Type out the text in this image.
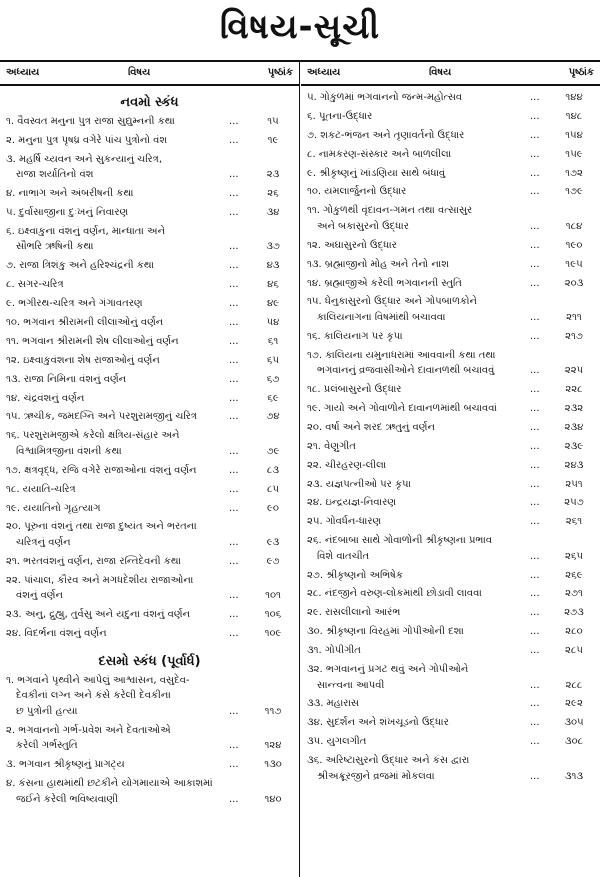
વિષય-સૂચી
અધ્યાય	વિષય	પૃષ્ઠાંક
નવમો સ્કંધ
૧. વૈવસ્વત મનુના પુત્ર રાજા સુદ્યુમ્નની કથા	...	૧૫
૨. મનુના પુત્ર પૃષધ્ર વગેરે પાંચ પુત્રોનો વંશ	...	૧૯
૩. મહર્ષિ ચ્યવન અને સુકન્યાનું ચરિત્ર,
રાજા શર્યાતિનો વંશ	...	૨૩
૪. નાભાગ અને અંબરીષની કથા	...	૨૬
૫. દુર્વાસાજીના દુઃખનું નિવારણ	...	૩૪
૬. ઇક્ષ્વાકુના વંશનું વર્ણન, માન્ધાતા અને
સૌભરિ ઋષિની કથા	...	૩૭
૭. રાજા ત્રિશંકુ અને હરિશ્ચંદ્રની કથા	...	૪૩
૮. સગર-ચરિત્ર	...	૪૬
૯. ભગીરથ-ચરિત્ર અને ગંગાવતરણ	...	૪૯
૧૦. ભગવાન શ્રીરામની લીલાઓનું વર્ણન	...	૫૪
૧૧. ભગવાન શ્રીરામની શેષ લીલાઓનું વર્ણન	...	૬૧
૧૨. ઇક્ષ્વાકુવંશના શેષ રાજાઓનું વર્ણન	...	૬૫
૧૩. રાજા નિમિના વંશનું વર્ણન	...	૬૭
૧૪. ચંદ્રવંશનું વર્ણન	...	૬૯
૧૫. ઋચીક, જમદગ્નિ અને પરશુરામજીનું ચરિત્ર	...	૭૪
૧૬. પરશુરામજીએ કરેલો ક્ષત્રિય-સંહાર અને
વિશ્વામિત્રજીના વંશની કથા	...	૭૯
૧૭. ક્ષત્રવૃદ્ધ, રજિ વગેરે રાજાઓના વંશનું વર્ણન	...	૮૩
૧૮. યયાતિ-ચરિત્ર	...	૮૫
૧૯. યયાતિનો ગૃહત્યાગ	...	૯૦
૨૦. પૂરુના વંશનું તથા રાજા દુષ્યંત અને ભરતના
ચરિત્રનું વર્ણન	...	૯૩
૨૧. ભરતવંશનું વર્ણન, રાજા રન્તિદેવની કથા	...	૯૭
૨૨. પાંચાલ, કૌરવ અને મગધદેશીય રાજાઓના
વંશનું વર્ણન	...	૧૦૧
૨૩. અનુ, દ્રુહ્યુ, તુર્વસુ અને યદુના વંશનું વર્ણન	...	૧૦૬
૨૪. વિદર્ભના વંશનું વર્ણન	...	૧૦૯
દસમો સ્કંધ (પૂર્વાર્ધ)
૧. ભગવાને પૃથ્વીને આપેલું આશ્વાસન, વસુદેવ-
દેવકીનાં લગ્ન અને કંસે કરેલી દેવકીના
છ પુત્રોની હત્યા	...	૧૧૭
૨. ભગવાનનો ગર્ભ-પ્રવેશ અને દેવતાઓએ
કરેલી ગર્ભસ્તુતિ	...	૧૨૪
૩. ભગવાન શ્રીકૃષ્ણનું પ્રાગટ્ય	...	૧૩૦
૪. કંસના હાથમાંથી છટકીને યોગમાયાએ આકાશમાં
જઈને કરેલી ભવિષ્યવાણી	...	૧૪૦
અધ્યાય	વિષય	પૃષ્ઠાંક
૫. ગોકુળમાં ભગવાનનો જન્મ-મહોત્સવ	...	૧૪૪
૬. પૂતના-ઉદ્ધાર	...	૧૪૮
૭. શકટ-ભંજન અને તૃણાવર્તનો ઉદ્ધાર	...	૧૫૪
૮. નામકરણ-સંસ્કાર અને બાળલીલા	...	૧૫૯
૯. શ્રીકૃષ્ણનું ખાંડણિયા સાથે બંધાવું	...	૧૭૨
૧૦. યમલાર્જુનનો ઉદ્ધાર	...	૧૭૯
૧૧. ગોકુળથી વૃંદાવન-ગમન તથા વત્સાસુર
અને બકાસુરનો ઉદ્ધાર	...	૧૮૪
૧૨. અઘાસુરનો ઉદ્ધાર	...	૧૯૦
૧૩. બ્રહ્માજીનો મોહ અને તેનો નાશ	...	૧૯૫
૧૪. બ્રહ્માજીએ કરેલી ભગવાનની સ્તુતિ	...	૨૦૩
૧૫. ધેનુકાસુરનો ઉદ્ધાર અને ગોપબાળકોને
કાલિયનાગના વિષમાંથી બચાવવા	...	૨૧૧
૧૬. કાલિયનાગ પર કૃપા	...	૨૧૭
૧૭. કાલિયના યમુનાધરામાં આવવાની કથા તથા
ભગવાનનું વ્રજવાસીઓને દાવાનળથી બચાવવું	...	૨૨૫
૧૮. પ્રલંબાસુરનો ઉદ્ધાર	...	૨૨૮
૧૯. ગાયો અને ગોવાળોને દાવાનળમાંથી બચાવવાં	...	૨૩૨
૨૦. વર્ષા અને શરદ ઋતુનું વર્ણન	...	૨૩૪
૨૧. વેણુગીત	...	૨૩૯
૨૨. ચીરહરણ-લીલા	...	૨૪૩
૨૩. યજ્ઞપત્નીઓ પર કૃપા	...	૨૫૧
૨૪. ઇન્દ્રયજ્ઞ-નિવારણ	...	૨૫૭
૨૫. ગોવર્ધન-ધારણ	...	૨૬૧
૨૬. નંદબાબા સાથે ગોવાળોની શ્રીકૃષ્ણના પ્રભાવ
વિશે વાતચીત	...	૨૬૫
૨૭. શ્રીકૃષ્ણનો અભિષેક	...	૨૬૯
૨૮. નંદજીને વરુણ-લોકમાંથી છોડાવી લાવવા	...	૨૭૧
૨૯. રાસલીલાનો આરંભ	...	૨૭૩
૩૦. શ્રીકૃષ્ણના વિરહમાં ગોપીઓની દશા	...	૨૮૦
૩૧. ગોપીગીત	...	૨૮૫
૩૨. ભગવાનનું પ્રગટ થવું અને ગોપીઓને
સાન્ત્વના આપવી	...	૨૮૮
૩૩. મહારાસ	...	૨૯૨
૩૪. સુદર્શન અને શંખચૂડનો ઉદ્ધાર	...	૩૦૫
૩૫. યુગલગીત	...	૩૦૮
૩૬. અરિષ્ટાસુરનો ઉદ્ધાર અને કંસ દ્વારા
શ્રીઅક્રૂરજીને વ્રજમાં મોકલવા	...	૩૧૩
